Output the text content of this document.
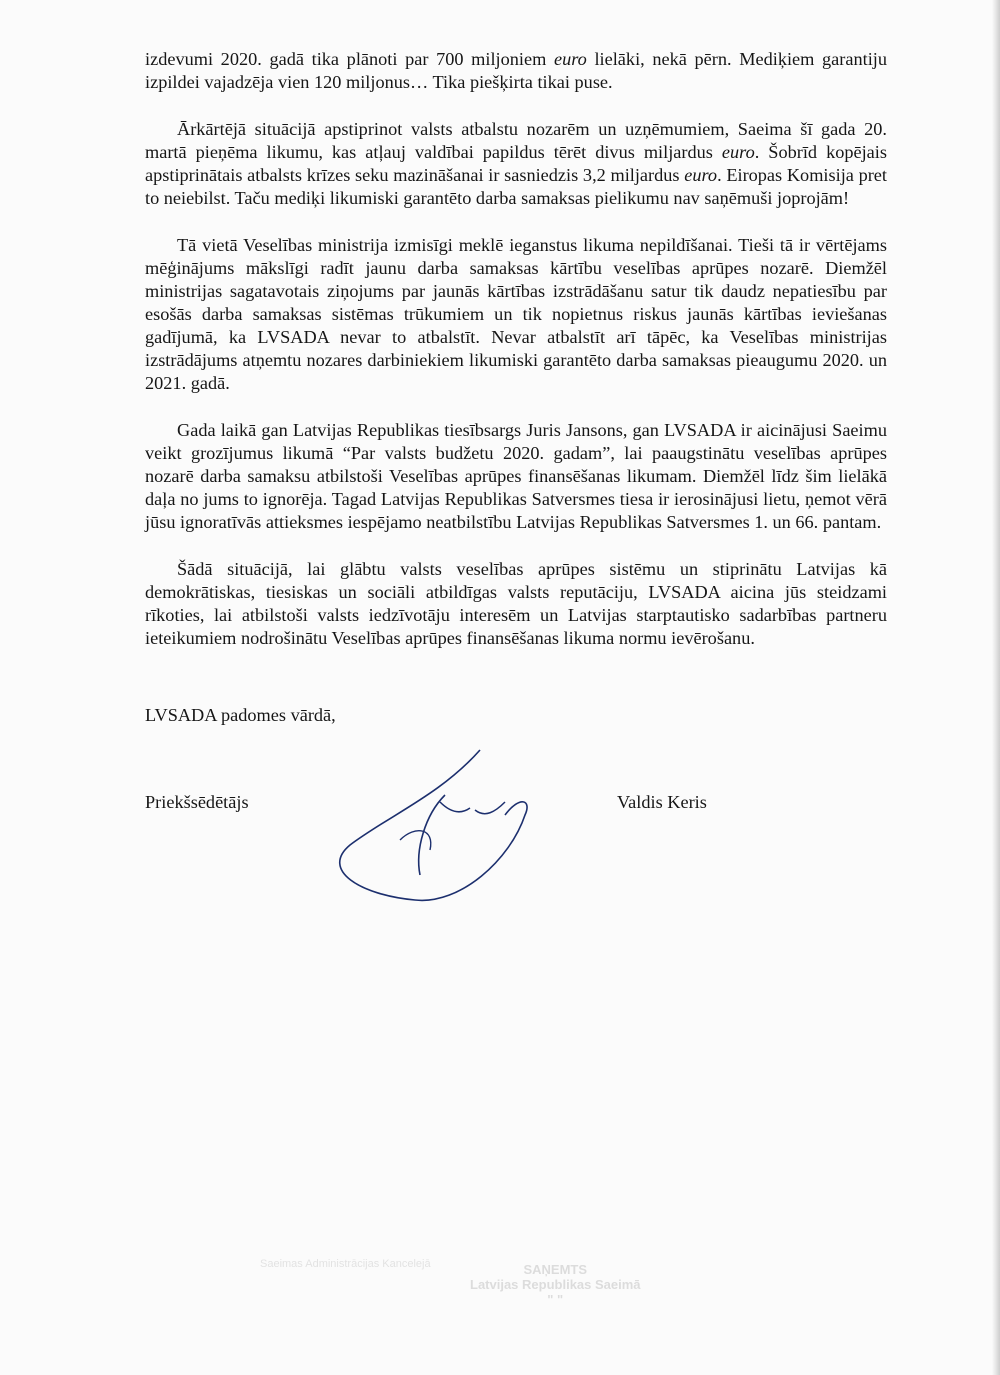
izdevumi 2020. gadā tika plānoti par 700 miljoniem euro lielāki, nekā pērn. Mediķiem garantiju izpildei vajadzēja vien 120 miljonus… Tika piešķirta tikai puse.

Ārkārtējā situācijā apstiprinot valsts atbalstu nozarēm un uzņēmumiem, Saeima šī gada 20. martā pieņēma likumu, kas atļauj valdībai papildus tērēt divus miljardus euro. Šobrīd kopējais apstiprinātais atbalsts krīzes seku mazināšanai ir sasniedzis 3,2 miljardus euro. Eiropas Komisija pret to neiebilst. Taču mediķi likumiski garantēto darba samaksas pielikumu nav saņēmuši joprojām!

Tā vietā Veselības ministrija izmisīgi meklē ieganstus likuma nepildīšanai. Tieši tā ir vērtējams mēģinājums mākslīgi radīt jaunu darba samaksas kārtību veselības aprūpes nozarē. Diemžēl ministrijas sagatavotais ziņojums par jaunās kārtības izstrādāšanu satur tik daudz nepatiesību par esošās darba samaksas sistēmas trūkumiem un tik nopietnus riskus jaunās kārtības ieviešanas gadījumā, ka LVSADA nevar to atbalstīt. Nevar atbalstīt arī tāpēc, ka Veselības ministrijas izstrādājums atņemtu nozares darbiniekiem likumiski garantēto darba samaksas pieaugumu 2020. un 2021. gadā.

Gada laikā gan Latvijas Republikas tiesībsargs Juris Jansons, gan LVSADA ir aicinājusi Saeimu veikt grozījumus likumā “Par valsts budžetu 2020. gadam”, lai paaugstinātu veselības aprūpes nozarē darba samaksu atbilstoši Veselības aprūpes finansēšanas likumam. Diemžēl līdz šim lielākā daļa no jums to ignorēja. Tagad Latvijas Republikas Satversmes tiesa ir ierosinājusi lietu, ņemot vērā jūsu ignoratīvās attieksmes iespējamo neatbilstību Latvijas Republikas Satversmes 1. un 66. pantam.

Šādā situācijā, lai glābtu valsts veselības aprūpes sistēmu un stiprinātu Latvijas kā demokrātiskas, tiesiskas un sociāli atbildīgas valsts reputāciju, LVSADA aicina jūs steidzami rīkoties, lai atbilstoši valsts iedzīvotāju interesēm un Latvijas starptautisko sadarbības partneru ieteikumiem nodrošinātu Veselības aprūpes finansēšanas likuma normu ievērošanu.

LVSADA padomes vārdā,
Priekšsēdētājs	Valdis Keris
Saeimas Administrācijas Kancelejā	SAŅEMTS
Latvijas Republikas Saeimā
" "
